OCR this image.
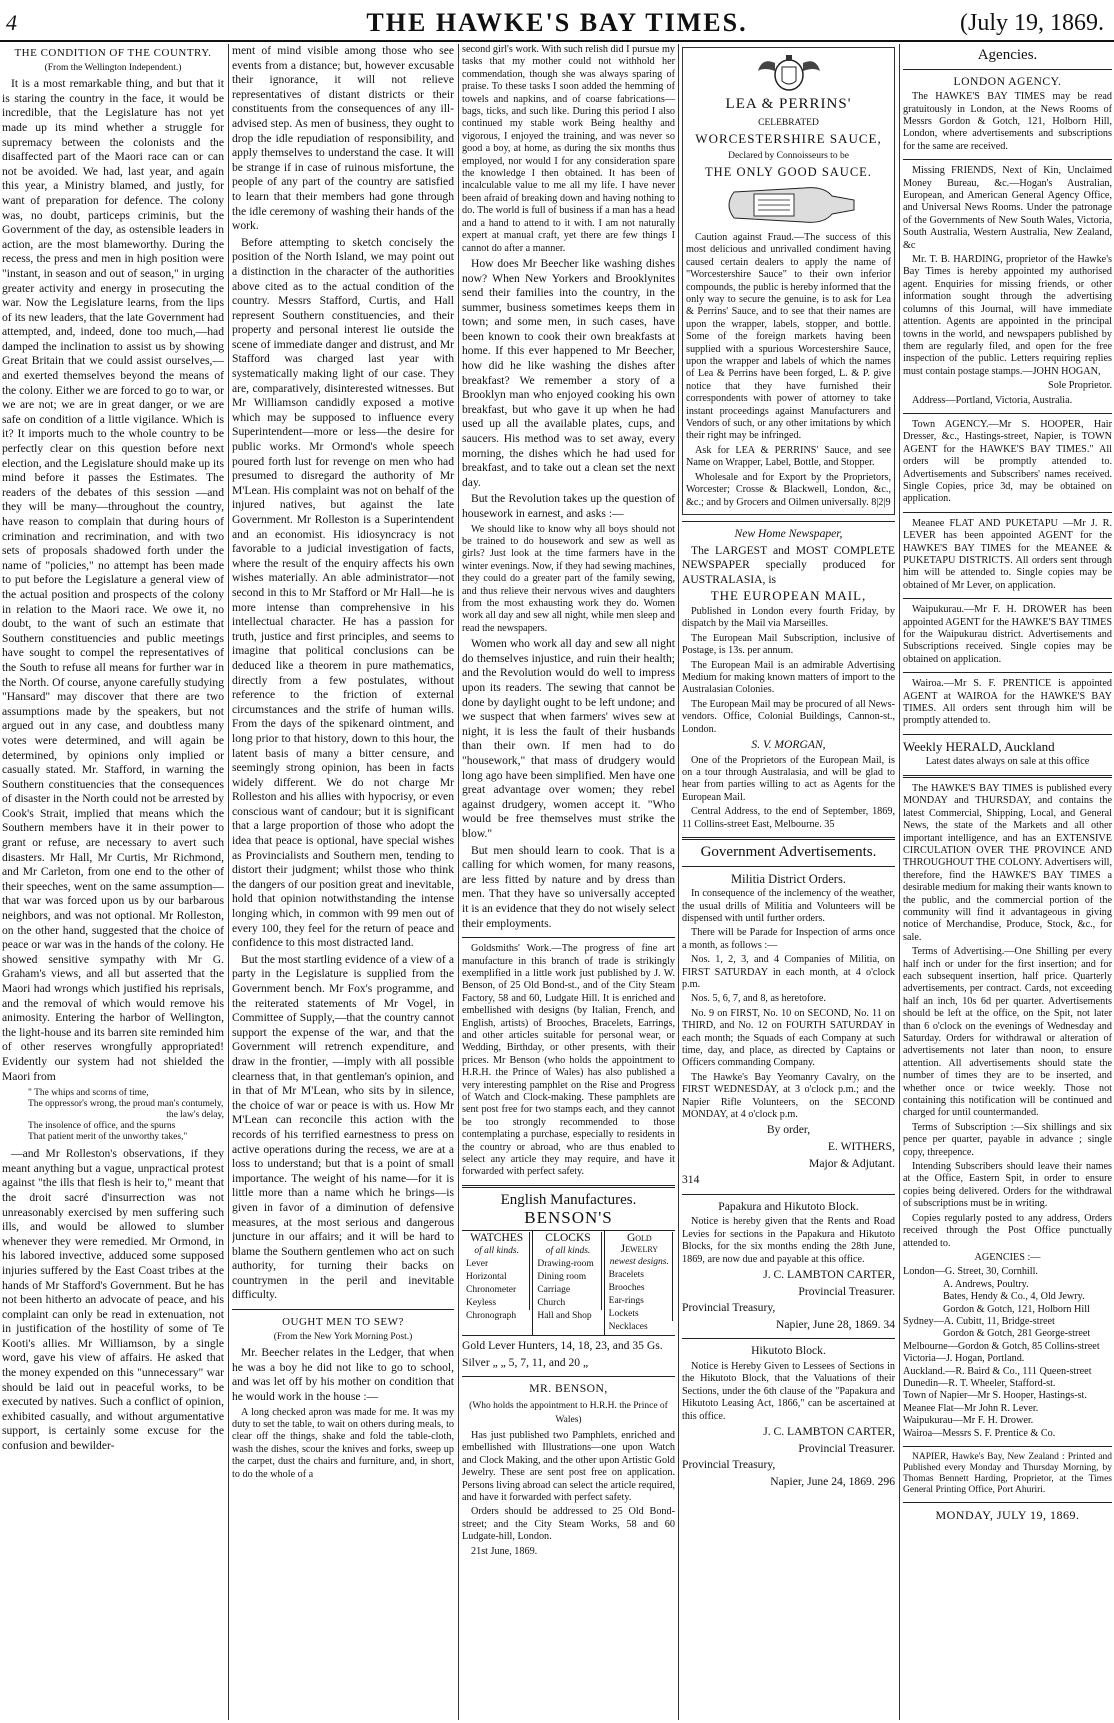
4	THE HAWKE'S BAY TIMES.	(July 19, 1869.

THE CONDITION OF THE COUNTRY.

(From the Wellington Independent.)

It is a most remarkable thing, and but that it is staring the country in the face, it would be incredible, that the Legislature has not yet made up its mind whether a struggle for supremacy between the colonists and the disaffected part of the Maori race can or can not be avoided. We had, last year, and again this year, a Ministry blamed, and justly, for want of preparation for defence. The colony was, no doubt, particeps criminis, but the Government of the day, as ostensible leaders in action, are the most blameworthy. During the recess, the press and men in high position were "instant, in season and out of season," in urging greater activity and energy in prosecuting the war. Now the Legislature learns, from the lips of its new leaders, that the late Government had attempted, and, indeed, done too much,—had damped the inclination to assist us by showing Great Britain that we could assist ourselves,—and exerted themselves beyond the means of the colony. Either we are forced to go to war, or we are not; we are in great danger, or we are safe on condition of a little vigilance. Which is it? It imports much to the whole country to be perfectly clear on this question before next election, and the Legislature should make up its mind before it passes the Estimates. The readers of the debates of this session —and they will be many—throughout the country, have reason to complain that during hours of crimination and recrimination, and with two sets of proposals shadowed forth under the name of "policies," no attempt has been made to put before the Legislature a general view of the actual position and prospects of the colony in relation to the Maori race. We owe it, no doubt, to the want of such an estimate that Southern constituencies and public meetings have sought to compel the representatives of the South to refuse all means for further war in the North. Of course, anyone carefully studying "Hansard" may discover that there are two assumptions made by the speakers, but not argued out in any case, and doubtless many votes were determined, and will again be determined, by opinions only implied or casually stated. Mr. Stafford, in warning the Southern constituencies that the consequences of disaster in the North could not be arrested by Cook's Strait, implied that means which the Southern members have it in their power to grant or refuse, are necessary to avert such disasters. Mr Hall, Mr Curtis, Mr Richmond, and Mr Carleton, from one end to the other of their speeches, went on the same assumption—that war was forced upon us by our barbarous neighbors, and was not optional. Mr Rolleston, on the other hand, suggested that the choice of peace or war was in the hands of the colony. He showed sensitive sympathy with Mr G. Graham's views, and all but asserted that the Maori had wrongs which justified his reprisals, and the removal of which would remove his animosity. Entering the harbor of Wellington, the light-house and its barren site reminded him of other reserves wrongfully appropriated! Evidently our system had not shielded the Maori from

" The whips and scorns of time,
The oppressor's wrong, the proud man's contumely,
the law's delay,
The insolence of office, and the spurns
That patient merit of the unworthy takes,"

—and Mr Rolleston's observations, if they meant anything but a vague, unpractical protest against "the ills that flesh is heir to," meant that the droit sacré d'insurrection was not unreasonably exercised by men suffering such ills, and would be allowed to slumber whenever they were remedied. Mr Ormond, in his labored invective, adduced some supposed injuries suffered by the East Coast tribes at the hands of Mr Stafford's Government. But he has not been hitherto an advocate of peace, and his complaint can only be read in extenuation, not in justification of the hostility of some of Te Kooti's allies. Mr Williamson, by a single word, gave his view of affairs. He asked that the money expended on this "unnecessary" war should be laid out in peaceful works, to be executed by natives. Such a conflict of opinion, exhibited casually, and without argumentative support, is certainly some excuse for the confusion and bewilder-

ment of mind visible among those who see events from a distance; but, however excusable their ignorance, it will not relieve representatives of distant districts or their constituents from the consequences of any ill-advised step. As men of business, they ought to drop the idle repudiation of responsibility, and apply themselves to understand the case. It will be strange if in case of ruinous misfortune, the people of any part of the country are satisfied to learn that their members had gone through the idle ceremony of washing their hands of the work.

Before attempting to sketch concisely the position of the North Island, we may point out a distinction in the character of the authorities above cited as to the actual condition of the country. Messrs Stafford, Curtis, and Hall represent Southern constituencies, and their property and personal interest lie outside the scene of immediate danger and distrust, and Mr Stafford was charged last year with systematically making light of our case. They are, comparatively, disinterested witnesses. But Mr Williamson candidly exposed a motive which may be supposed to influence every Superintendent—more or less—the desire for public works. Mr Ormond's whole speech poured forth lust for revenge on men who had presumed to disregard the authority of Mr M'Lean. His complaint was not on behalf of the injured natives, but against the late Government. Mr Rolleston is a Superintendent and an economist. His idiosyncracy is not favorable to a judicial investigation of facts, where the result of the enquiry affects his own wishes materially. An able administrator—not second in this to Mr Stafford or Mr Hall—he is more intense than comprehensive in his intellectual character. He has a passion for truth, justice and first principles, and seems to imagine that political conclusions can be deduced like a theorem in pure mathematics, directly from a few postulates, without reference to the friction of external circumstances and the strife of human wills. From the days of the spikenard ointment, and long prior to that history, down to this hour, the latent basis of many a bitter censure, and seemingly strong opinion, has been in facts widely different. We do not charge Mr Rolleston and his allies with hypocrisy, or even conscious want of candour; but it is significant that a large proportion of those who adopt the idea that peace is optional, have special wishes as Provincialists and Southern men, tending to distort their judgment; whilst those who think the dangers of our position great and inevitable, hold that opinion notwithstanding the intense longing which, in common with 99 men out of every 100, they feel for the return of peace and confidence to this most distracted land.

But the most startling evidence of a view of a party in the Legislature is supplied from the Government bench. Mr Fox's programme, and the reiterated statements of Mr Vogel, in Committee of Supply,—that the country cannot support the expense of the war, and that the Government will retrench expenditure, and draw in the frontier, —imply with all possible clearness that, in that gentleman's opinion, and in that of Mr M'Lean, who sits by in silence, the choice of war or peace is with us. How Mr M'Lean can reconcile this action with the records of his terrified earnestness to press on active operations during the recess, we are at a loss to understand; but that is a point of small importance. The weight of his name—for it is little more than a name which he brings—is given in favor of a diminution of defensive measures, at the most serious and dangerous juncture in our affairs; and it will be hard to blame the Southern gentlemen who act on such authority, for turning their backs on countrymen in the peril and inevitable difficulty.

OUGHT MEN TO SEW?

(From the New York Morning Post.)

Mr. Beecher relates in the Ledger, that when he was a boy he did not like to go to school, and was let off by his mother on condition that he would work in the house :—

A long checked apron was made for me. It was my duty to set the table, to wait on others during meals, to clear off the things, shake and fold the table-cloth, wash the dishes, scour the knives and forks, sweep up the carpet, dust the chairs and furniture, and, in short, to do the whole of a

second girl's work. With such relish did I pursue my tasks that my mother could not withhold her commendation, though she was always sparing of praise. To these tasks I soon added the hemming of towels and napkins, and of coarse fabrications—bags, ticks, and such like. During this period I also continued my stable work Being healthy and vigorous, I enjoyed the training, and was never so good a boy, at home, as during the six months thus employed, nor would I for any consideration spare the knowledge I then obtained. It has been of incalculable value to me all my life. I have never been afraid of breaking down and having nothing to do. The world is full of business if a man has a head and a hand to attend to it with. I am not naturally expert at manual craft, yet there are few things I cannot do after a manner.

How does Mr Beecher like washing dishes now? When New Yorkers and Brooklynites send their families into the country, in the summer, business sometimes keeps them in town; and some men, in such cases, have been known to cook their own breakfasts at home. If this ever happened to Mr Beecher, how did he like washing the dishes after breakfast? We remember a story of a Brooklyn man who enjoyed cooking his own breakfast, but who gave it up when he had used up all the available plates, cups, and saucers. His method was to set away, every morning, the dishes which he had used for breakfast, and to take out a clean set the next day.

But the Revolution takes up the question of housework in earnest, and asks :—

We should like to know why all boys should not be trained to do housework and sew as well as girls? Just look at the time farmers have in the winter evenings. Now, if they had sewing machines, they could do a greater part of the family sewing, and thus relieve their nervous wives and daughters from the most exhausting work they do. Women work all day and sew all night, while men sleep and read the newspapers.

Women who work all day and sew all night do themselves injustice, and ruin their health; and the Revolution would do well to impress upon its readers. The sewing that cannot be done by daylight ought to be left undone; and we suspect that when farmers' wives sew at night, it is less the fault of their husbands than their own. If men had to do "housework," that mass of drudgery would long ago have been simplified. Men have one great advantage over women; they rebel against drudgery, women accept it. "Who would be free themselves must strike the blow."

But men should learn to cook. That is a calling for which women, for many reasons, are less fitted by nature and by dress than men. That they have so universally accepted it is an evidence that they do not wisely select their employments.

Goldsmiths' Work.—The progress of fine art manufacture in this branch of trade is strikingly exemplified in a little work just published by J. W. Benson, of 25 Old Bond-st., and of the City Steam Factory, 58 and 60, Ludgate Hill. It is enriched and embellished with designs (by Italian, French, and English, artists) of Brooches, Bracelets, Earrings, and other articles suitable for personal wear, or Wedding, Birthday, or other presents, with their prices. Mr Benson (who holds the appointment to H.R.H. the Prince of Wales) has also published a very interesting pamphlet on the Rise and Progress of Watch and Clock-making. These pamphlets are sent post free for two stamps each, and they cannot be too strongly recommended to those contemplating a purchase, especially to residents in the country or abroad, who are thus enabled to select any article they may require, and have it forwarded with perfect safety.

English Manufactures.

BENSON'S

WATCHES
of all kinds.
Lever
Horizontal
Chronometer
Keyless
Chronograph
CLOCKS
of all kinds.
Drawing-room
Dining room
Carriage
Church
Hall and Shop
Gold Jewelry
newest designs.
Bracelets
Brooches
Ear-rings
Lockets
Necklaces

Gold Lever Hunters, 14, 18, 23, and 35 Gs.

Silver „ „ 5, 7, 11, and 20 „

MR. BENSON,

(Who holds the appointment to H.R.H. the Prince of Wales)

Has just published two Pamphlets, enriched and embellished with Illustrations—one upon Watch and Clock Making, and the other upon Artistic Gold Jewelry. These are sent post free on application. Persons living abroad can select the article required, and have it forwarded with perfect safety.

Orders should be addressed to 25 Old Bond-street; and the City Steam Works, 58 and 60 Ludgate-hill, London.

21st June, 1869.

LEA & PERRINS'

CELEBRATED

WORCESTERSHIRE SAUCE,

Declared by Connoisseurs to be

THE ONLY GOOD SAUCE.

Caution against Fraud.—The success of this most delicious and unrivalled condiment having caused certain dealers to apply the name of "Worcestershire Sauce" to their own inferior compounds, the public is hereby informed that the only way to secure the genuine, is to ask for Lea & Perrins' Sauce, and to see that their names are upon the wrapper, labels, stopper, and bottle. Some of the foreign markets having been supplied with a spurious Worcestershire Sauce, upon the wrapper and labels of which the names of Lea & Perrins have been forged, L. & P. give notice that they have furnished their correspondents with power of attorney to take instant proceedings against Manufacturers and Vendors of such, or any other imitations by which their right may be infringed.

Ask for LEA & PERRINS' Sauce, and see Name on Wrapper, Label, Bottle, and Stopper.

Wholesale and for Export by the Proprietors, Worcester; Crosse & Blackwell, London, &c., &c.; and by Grocers and Oilmen universally. 8|2|9

New Home Newspaper,

The LARGEST and MOST COMPLETE NEWSPAPER specially produced for AUSTRALASIA, is

THE EUROPEAN MAIL,

Published in London every fourth Friday, by dispatch by the Mail via Marseilles.

The European Mail Subscription, inclusive of Postage, is 13s. per annum.

The European Mail is an admirable Advertising Medium for making known matters of import to the Australasian Colonies.

The European Mail may be procured of all News-vendors. Office, Colonial Buildings, Cannon-st., London.

S. V. MORGAN,

One of the Proprietors of the European Mail, is on a tour through Australasia, and will be glad to hear from parties willing to act as Agents for the European Mail.

Central Address, to the end of September, 1869, 11 Collins-street East, Melbourne. 35

Government Advertisements.

Militia District Orders.

In consequence of the inclemency of the weather, the usual drills of Militia and Volunteers will be dispensed with until further orders.

There will be Parade for Inspection of arms once a month, as follows :—

Nos. 1, 2, 3, and 4 Companies of Militia, on FIRST SATURDAY in each month, at 4 o'clock p.m.

Nos. 5, 6, 7, and 8, as heretofore.

No. 9 on FIRST, No. 10 on SECOND, No. 11 on THIRD, and No. 12 on FOURTH SATURDAY in each month; the Squads of each Company at such time, day, and place, as directed by Captains or Officers commanding Company.

The Hawke's Bay Yeomanry Cavalry, on the FIRST WEDNESDAY, at 3 o'clock p.m.; and the Napier Rifle Volunteers, on the SECOND MONDAY, at 4 o'clock p.m.

By order,

E. WITHERS,

Major & Adjutant.

314

Papakura and Hikutoto Block.

Notice is hereby given that the Rents and Road Levies for sections in the Papakura and Hikutoto Blocks, for the six months ending the 28th June, 1869, are now due and payable at this office.

J. C. LAMBTON CARTER,

Provincial Treasurer.

Provincial Treasury,

Napier, June 28, 1869. 34

Hikutoto Block.

Notice is Hereby Given to Lessees of Sections in the Hikutoto Block, that the Valuations of their Sections, under the 6th clause of the "Papakura and Hikutoto Leasing Act, 1866," can be ascertained at this office.

J. C. LAMBTON CARTER,

Provincial Treasurer.

Provincial Treasury,

Napier, June 24, 1869. 296

Agencies.

LONDON AGENCY.

The HAWKE'S BAY TIMES may be read gratuitously in London, at the News Rooms of Messrs Gordon & Gotch, 121, Holborn Hill, London, where advertisements and subscriptions for the same are received.

Missing FRIENDS, Next of Kin, Unclaimed Money Bureau, &c.—Hogan's Australian, European, and American General Agency Office, and Universal News Rooms. Under the patronage of the Governments of New South Wales, Victoria, South Australia, Western Australia, New Zealand, &c

Mr. T. B. HARDING, proprietor of the Hawke's Bay Times is hereby appointed my authorised agent. Enquiries for missing friends, or other information sought through the advertising columns of this Journal, will have immediate attention. Agents are appointed in the principal towns in the world, and newspapers published by them are regularly filed, and open for the free inspection of the public. Letters requiring replies must contain postage stamps.—JOHN HOGAN,

Sole Proprietor.

Address—Portland, Victoria, Australia.

Town AGENCY.—Mr S. HOOPER, Hair Dresser, &c., Hastings-street, Napier, is TOWN AGENT for the HAWKE'S BAY TIMES." All orders will be promptly attended to. Advertisements and Subscribers' names received. Single Copies, price 3d, may be obtained on application.

Meanee FLAT AND PUKETAPU —Mr J. R. LEVER has been appointed AGENT for the HAWKE'S BAY TIMES for the MEANEE & PUKETAPU DISTRICTS. All orders sent through him will be attended to. Single copies may be obtained of Mr Lever, on application.

Waipukurau.—Mr F. H. DROWER has been appointed AGENT for the HAWKE'S BAY TIMES for the Waipukurau district. Advertisements and Subscriptions received. Single copies may be obtained on application.

Wairoa.—Mr S. F. PRENTICE is appointed AGENT at WAIROA for the HAWKE'S BAY TIMES. All orders sent through him will be promptly attended to.

Weekly HERALD, Auckland

Latest dates always on sale at this office

The HAWKE'S BAY TIMES is published every MONDAY and THURSDAY, and contains the latest Commercial, Shipping, Local, and General News, the state of the Markets and all other important intelligence, and has an EXTENSIVE CIRCULATION OVER THE PROVINCE AND THROUGHOUT THE COLONY. Advertisers will, therefore, find the HAWKE'S BAY TIMES a desirable medium for making their wants known to the public, and the commercial portion of the community will find it advantageous in giving notice of Merchandise, Produce, Stock, &c., for sale.

Terms of Advertising.—One Shilling per every half inch or under for the first insertion; and for each subsequent insertion, half price. Quarterly advertisements, per contract. Cards, not exceeding half an inch, 10s 6d per quarter. Advertisements should be left at the office, on the Spit, not later than 6 o'clock on the evenings of Wednesday and Saturday. Orders for withdrawal or alteration of advertisements not later than noon, to ensure attention. All advertisements should state the number of times they are to be inserted, and whether once or twice weekly. Those not containing this notification will be continued and charged for until countermanded.

Terms of Subscription :—Six shillings and six pence per quarter, payable in advance ; single copy, threepence.

Intending Subscribers should leave their names at the Office, Eastern Spit, in order to ensure copies being delivered. Orders for the withdrawal of subscriptions must be in writing.

Copies regularly posted to any address, Orders received through the Post Office punctually attended to.

AGENCIES :—

London—G. Street, 30, Cornhill.
A. Andrews, Poultry.
Bates, Hendy & Co., 4, Old Jewry.
Gordon & Gotch, 121, Holborn Hill
Sydney—A. Cubitt, 11, Bridge-street
Gordon & Gotch, 281 George-street
Melbourne—Gordon & Gotch, 85 Collins-street
Victoria—J. Hogan, Portland.
Auckland.—R. Baird & Co., 111 Queen-street
Dunedin—R. T. Wheeler, Stafford-st.
Town of Napier—Mr S. Hooper, Hastings-st.
Meanee Flat—Mr John R. Lever.
Waipukurau—Mr F. H. Drower.
Wairoa—Messrs S. F. Prentice & Co.

NAPIER, Hawke's Bay, New Zealand : Printed and Published every Monday and Thursday Morning, by Thomas Bennett Harding, Proprietor, at the Times General Printing Office, Port Ahuriri.

MONDAY, JULY 19, 1869.
